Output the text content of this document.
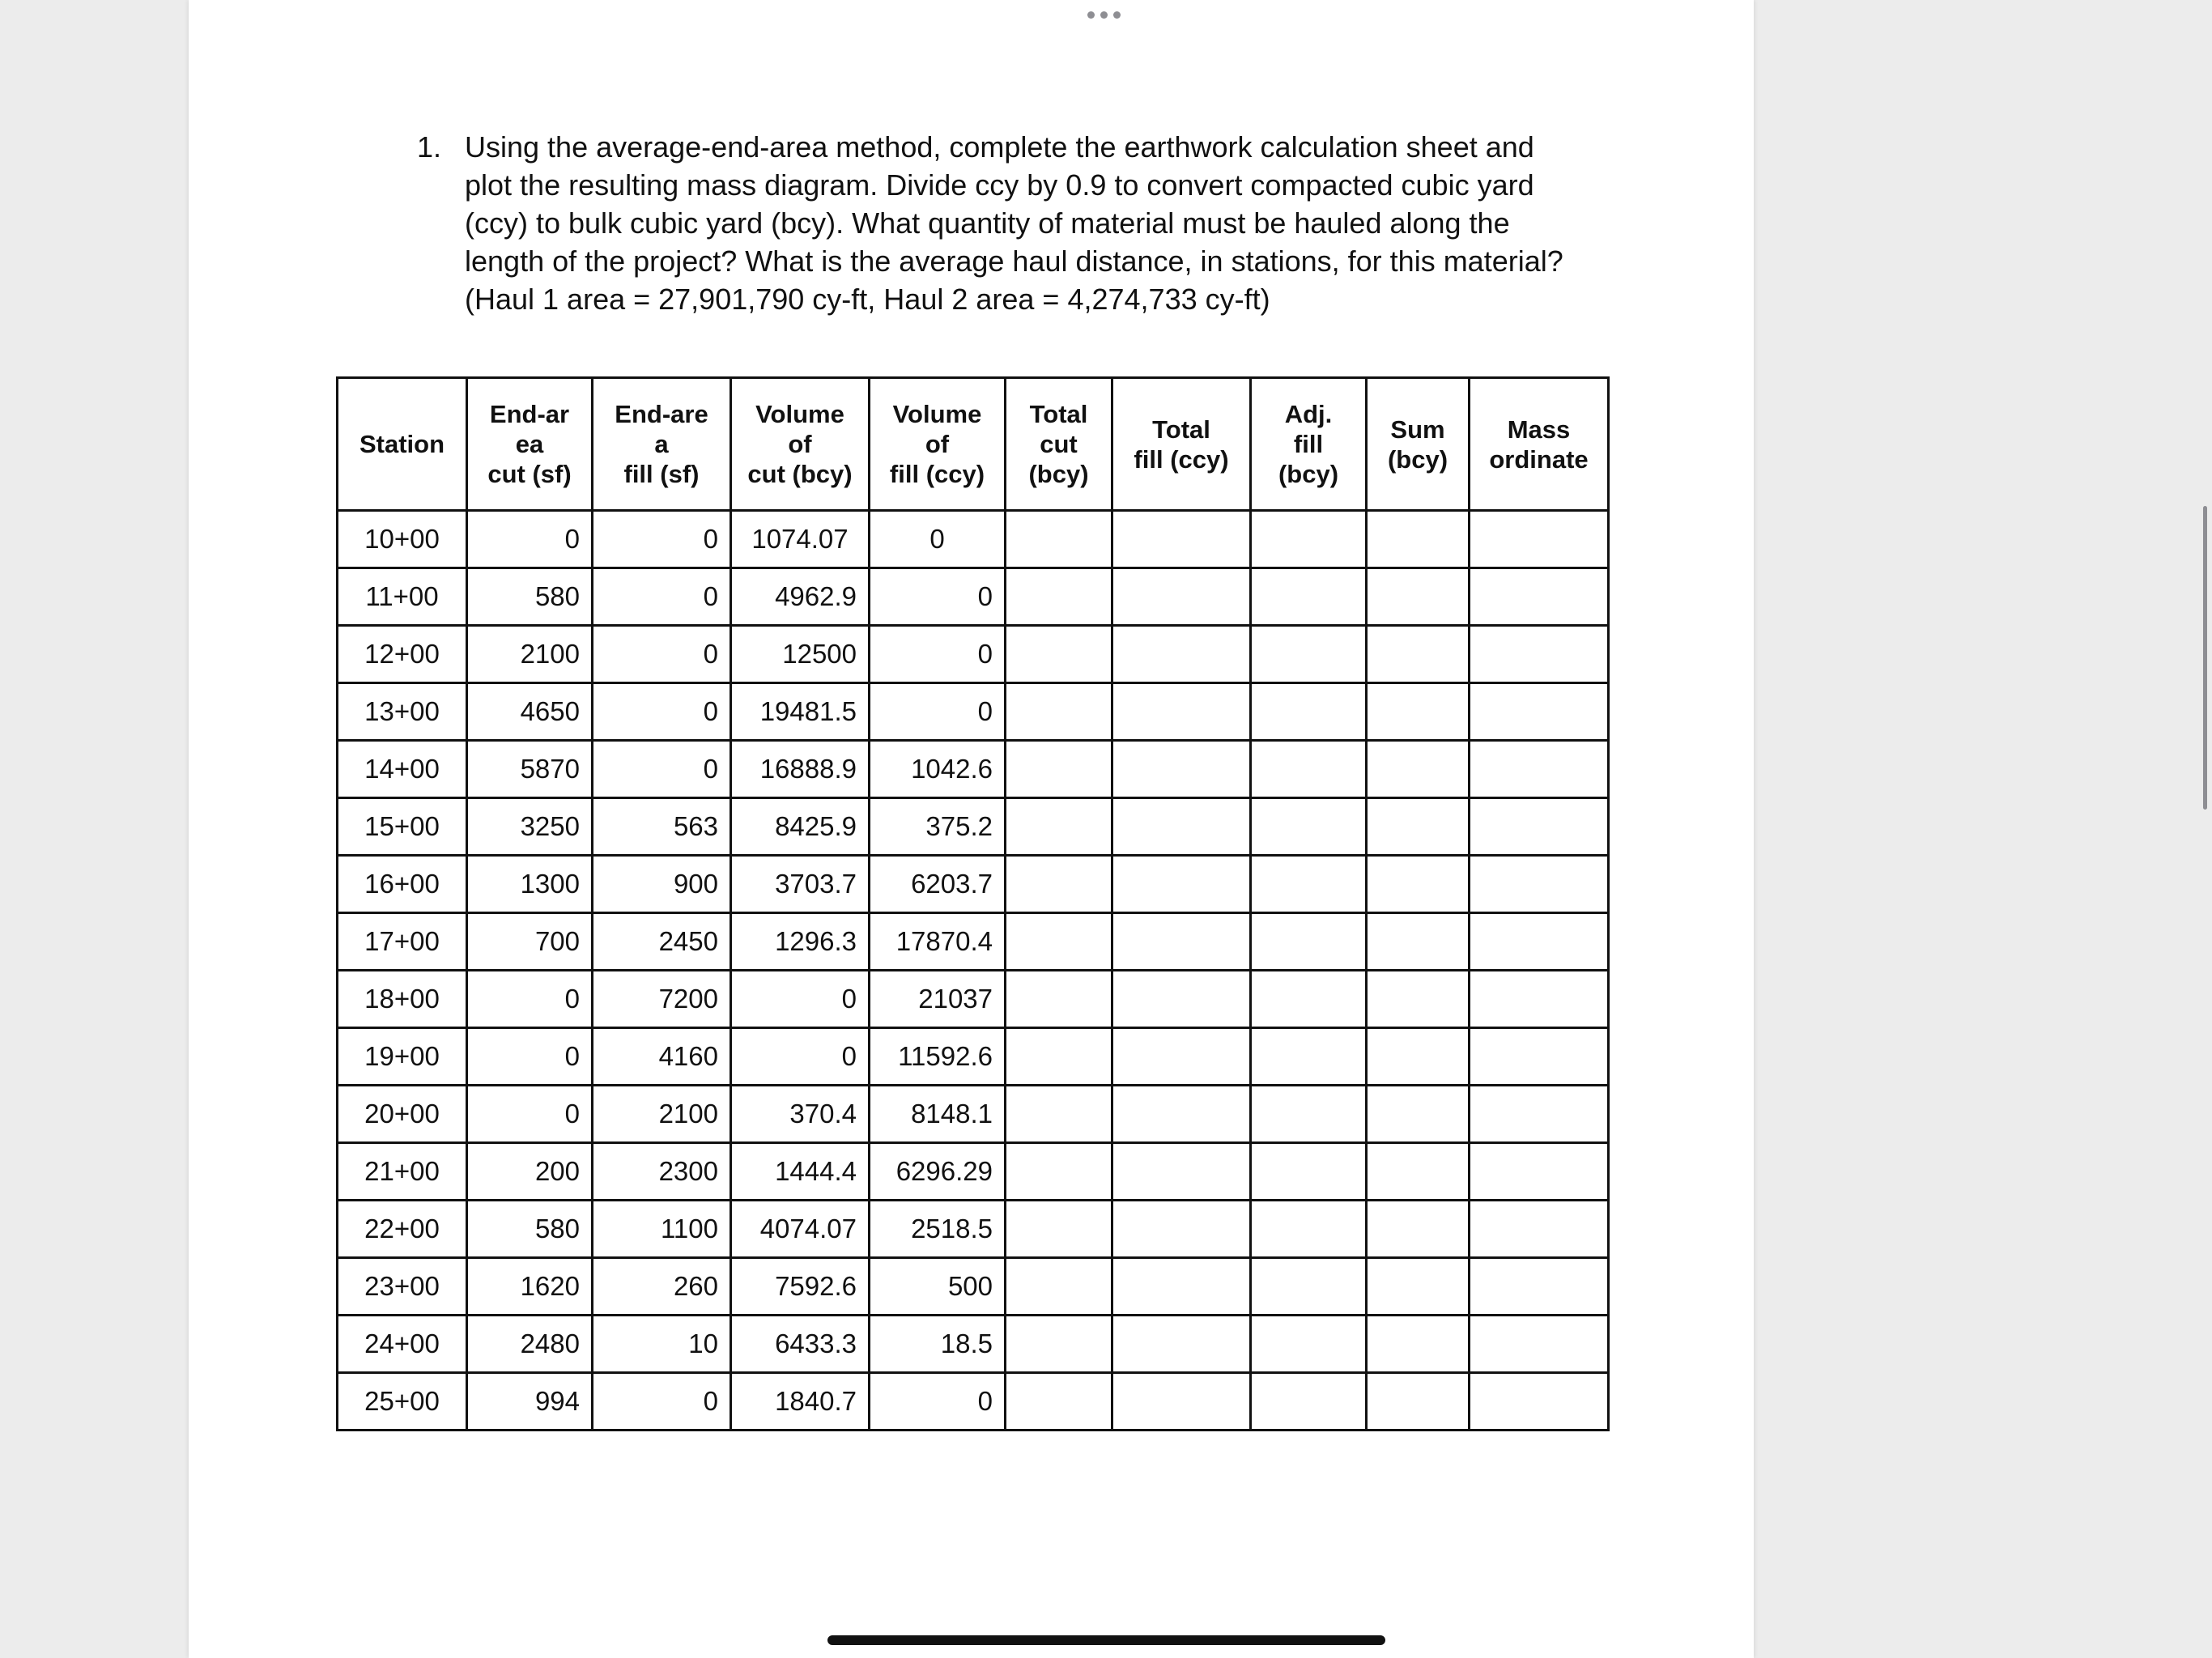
1. Using the average-end-area method, complete the earthwork calculation sheet and plot the resulting mass diagram. Divide ccy by 0.9 to convert compacted cubic yard (ccy) to bulk cubic yard (bcy). What quantity of material must be hauled along the length of the project? What is the average haul distance, in stations, for this material? (Haul 1 area = 27,901,790 cy-ft, Haul 2 area = 4,274,733 cy-ft)
Station	End-ar
ea
cut (sf)	End-are
a
fill (sf)	Volume
of
cut (bcy)	Volume
of
fill (ccy)	Total
cut
(bcy)	Total
fill (ccy)	Adj.
fill
(bcy)	Sum
(bcy)	Mass
ordinate

10+00	0	0	1074.07	0					
11+00	580	0	4962.9	0					
12+00	2100	0	12500	0					
13+00	4650	0	19481.5	0					
14+00	5870	0	16888.9	1042.6					
15+00	3250	563	8425.9	375.2					
16+00	1300	900	3703.7	6203.7					
17+00	700	2450	1296.3	17870.4					
18+00	0	7200	0	21037					
19+00	0	4160	0	11592.6					
20+00	0	2100	370.4	8148.1					
21+00	200	2300	1444.4	6296.29					
22+00	580	1100	4074.07	2518.5					
23+00	1620	260	7592.6	500					
24+00	2480	10	6433.3	18.5					
25+00	994	0	1840.7	0					
